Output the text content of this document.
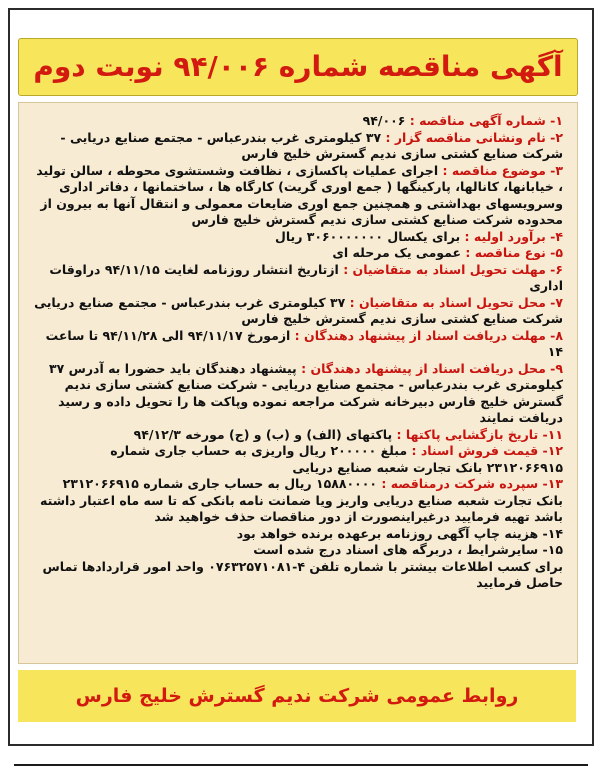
آگهی مناقصه شماره ۹۴/۰۰۶ نوبت دوم
۱- شماره آگهی مناقصه : ۹۴/۰۰۶
۲- نام ونشانی مناقصه گزار : ۳۷ کیلومتری غرب بندرعباس - مجتمع صنایع دریایی - شرکت صنایع کشتی سازی ندیم گسترش خلیج فارس
۳- موضوع مناقصه : اجرای عملیات پاکسازی ، نظافت وشستشوی محوطه ، سالن تولید ، خیابانها، کانالها، پارکینگها ( جمع اوری گریت) کارگاه ها ، ساختمانها ، دفاتر اداری وسرویسهای بهداشتی و همچنین جمع اوری ضایعات معمولی و انتقال آنها به بیرون از محدوده شرکت صنایع کشتی سازی ندیم گسترش خلیج فارس
۴- برآورد اولیه : برای یکسال ۳۰۶۰۰۰۰۰۰۰ ریال
۵- نوع مناقصه : عمومی یک مرحله ای
۶- مهلت تحویل اسناد به متقاضیان : ازتاریخ انتشار روزنامه لغایت ۹۴/۱۱/۱۵ دراوقات اداری
۷- محل تحویل اسناد به متقاضیان : ۳۷ کیلومتری غرب بندرعباس - مجتمع صنایع دریایی شرکت صنایع کشتی سازی ندیم گسترش خلیج فارس
۸- مهلت دریافت اسناد از پیشنهاد دهندگان : ازمورخ ۹۴/۱۱/۱۷ الی ۹۴/۱۱/۲۸ تا ساعت ۱۴
۹- محل دریافت اسناد از پیشنهاد دهندگان : پیشنهاد دهندگان باید حضورا به آدرس ۳۷ کیلومتری غرب بندرعباس - مجتمع صنایع دریایی - شرکت صنایع کشتی سازی ندیم گسترش خلیج فارس دبیرخانه شرکت مراجعه نموده وپاکت ها را تحویل داده و رسید دریافت نمایند
۱۱- تاریخ بازگشایی پاکتها : پاکتهای (الف) و (ب) و (ج) مورخه ۹۴/۱۲/۳
۱۲- قیمت فروش اسناد : مبلغ ۲۰۰۰۰۰ ریال واریزی به حساب جاری شماره ۲۳۱۲۰۶۶۹۱۵ بانک تجارت شعبه صنایع دریایی
۱۳- سپرده شرکت درمناقصه : ۱۵۸۸۰۰۰۰ ریال به حساب جاری شماره ۲۳۱۲۰۶۶۹۱۵ بانک تجارت شعبه صنایع دریایی واریز ویا ضمانت نامه بانکی که تا سه ماه اعتبار داشته باشد تهیه فرمایید درغیراینصورت از دور مناقصات حذف خواهید شد
۱۴- هزینه چاپ آگهی روزنامه برعهده برنده خواهد بود
۱۵- سایرشرایط ، دربرگه های اسناد درج شده است
برای کسب اطلاعات بیشتر با شماره تلفن ۴-۰۷۶۳۲۵۷۱۰۸۱ واحد امور قراردادها تماس حاصل فرمایید
روابط عمومی شرکت ندیم گسترش خلیج فارس
